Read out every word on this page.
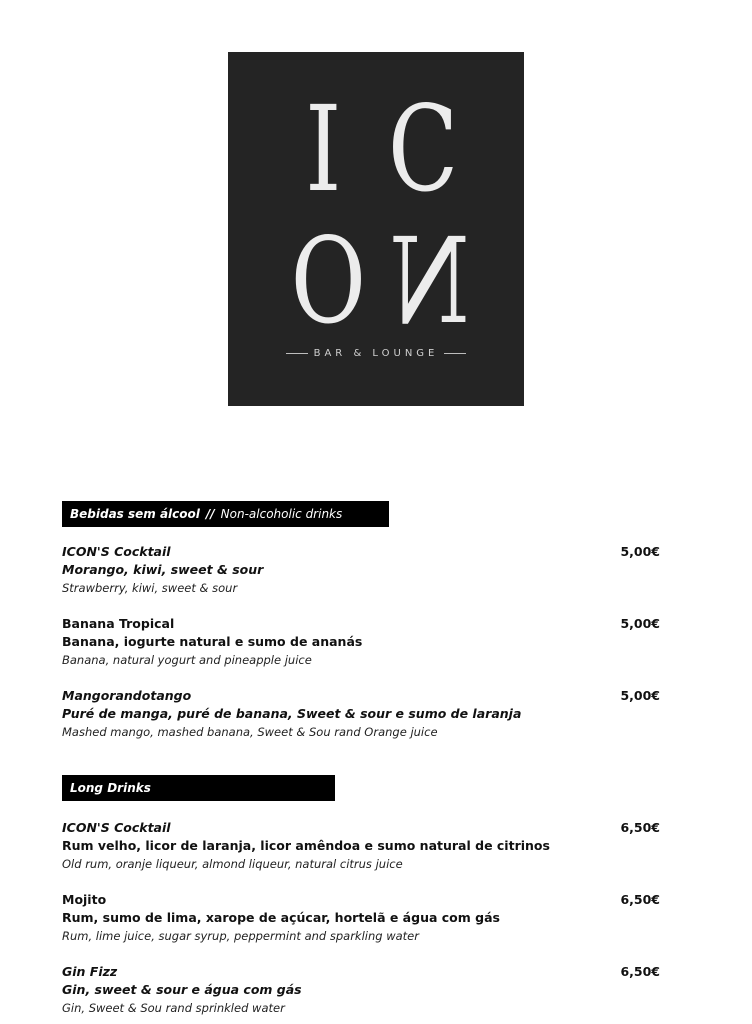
I C
O N
BAR & LOUNGE
Bebidas sem álcool // Non-alcoholic drinks
ICON'S Cocktail
Morango, kiwi, sweet & sour
Strawberry, kiwi, sweet & sour
5,00€
Banana Tropical
Banana, iogurte natural e sumo de ananás
Banana, natural yogurt and pineapple juice
5,00€
Mangorandotango
Puré de manga, puré de banana, Sweet & sour e sumo de laranja
Mashed mango, mashed banana, Sweet & Sou rand Orange juice
5,00€
Long Drinks
ICON'S Cocktail
Rum velho, licor de laranja, licor amêndoa e sumo natural de citrinos
Old rum, oranje liqueur, almond liqueur, natural citrus juice
6,50€
Mojito
Rum, sumo de lima, xarope de açúcar, hortelã e água com gás
Rum, lime juice, sugar syrup, peppermint and sparkling water
6,50€
Gin Fizz
Gin, sweet & sour e água com gás
Gin, Sweet & Sou rand sprinkled water
6,50€
